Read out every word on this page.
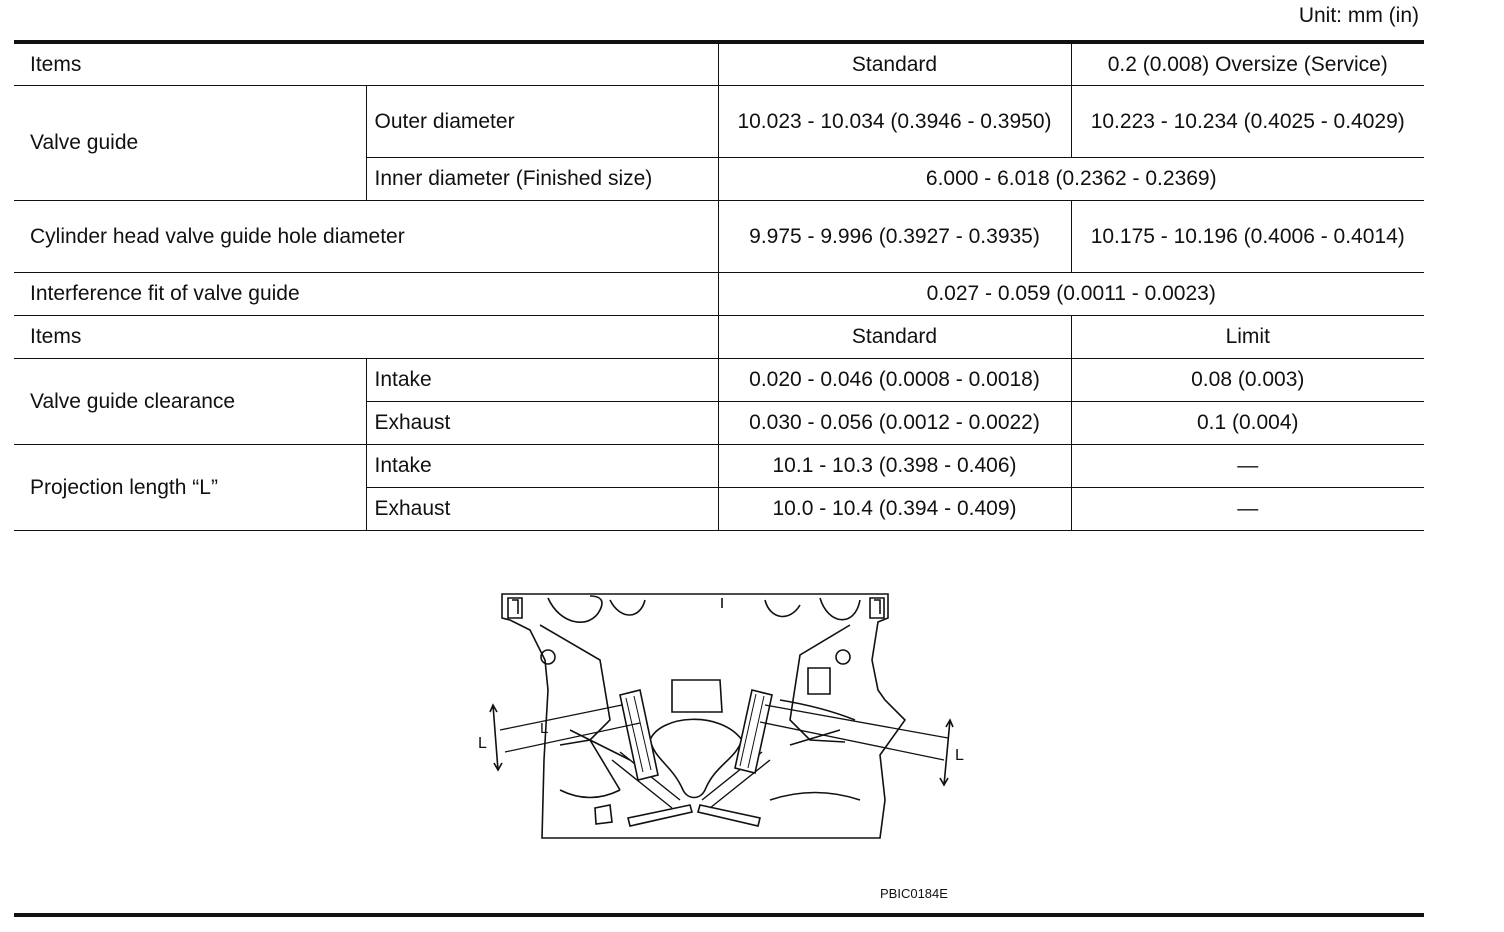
Unit: mm (in)
Items		Standard	0.2 (0.008) Oversize (Service)
Valve guide	Outer diameter	10.023 - 10.034 (0.3946 - 0.3950)	10.223 - 10.234 (0.4025 - 0.4029)
	Inner diameter (Finished size)	6.000 - 6.018 (0.2362 - 0.2369)	
Cylinder head valve guide hole diameter		9.975 - 9.996 (0.3927 - 0.3935)	10.175 - 10.196 (0.4006 - 0.4014)
Interference fit of valve guide		0.027 - 0.059 (0.0011 - 0.0023)	
Items		Standard	Limit
Valve guide clearance	Intake	0.020 - 0.046 (0.0008 - 0.0018)	0.08 (0.003)
	Exhaust	0.030 - 0.056 (0.0012 - 0.0022)	0.1 (0.004)
Projection length “L”	Intake	10.1 - 10.3 (0.398 - 0.406)	—
	Exhaust	10.0 - 10.4 (0.394 - 0.409)	—
L
L
L
PBIC0184E
